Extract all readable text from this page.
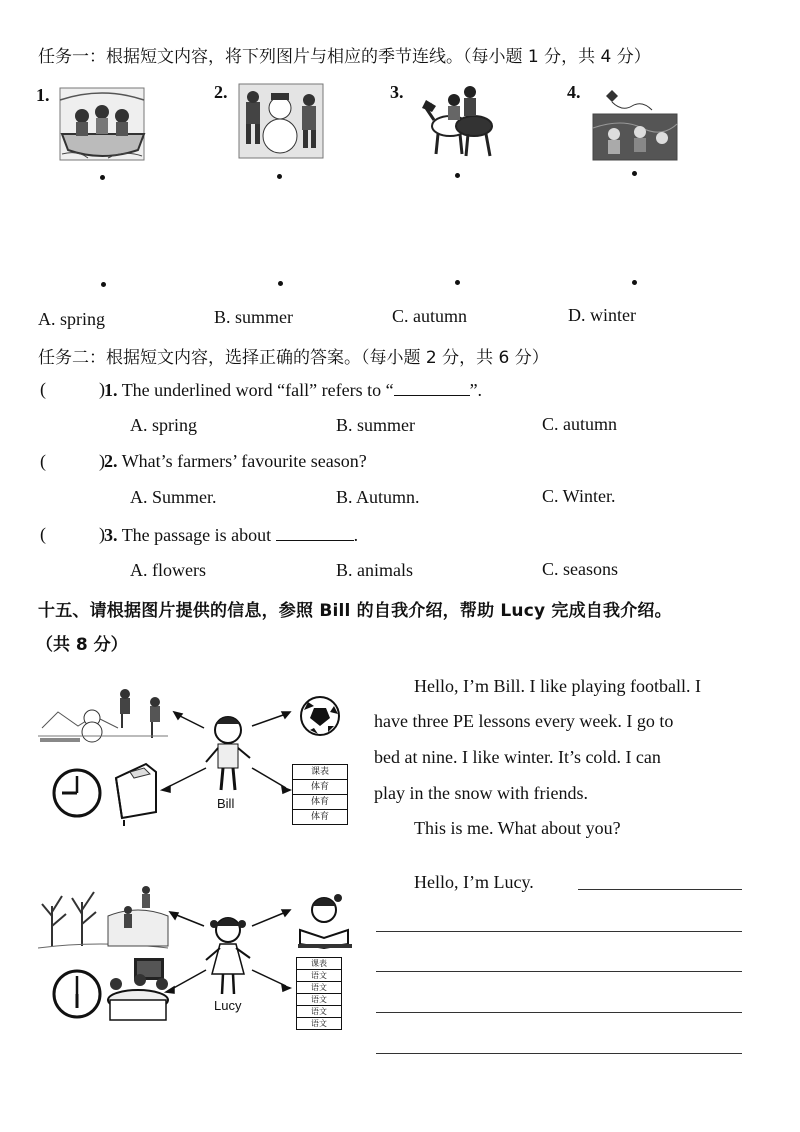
任务一：根据短文内容，将下列图片与相应的季节连线。（每小题 1 分，共 4 分）
1.	2.	3.	4.
A. spring	B. summer	C. autumn	D. winter
任务二：根据短文内容，选择正确的答案。（每小题 2 分，共 6 分）
(	) 1. The underlined word “fall” refers to “	”.
A. spring	B. summer	C. autumn
(	) 2. What’s farmers’ favourite season?
A. Summer.	B. Autumn.	C. Winter.
(	) 3. The passage is about	.
A. flowers	B. animals	C. seasons
十五、请根据图片提供的信息，参照 Bill 的自我介绍，帮助 Lucy 完成自我介绍。
（共 8 分）
Bill
课表
体育
体育
体育
Hello, I’m Bill. I like playing football. I
have three PE lessons every week. I go to
bed at nine. I like winter. It’s cold. I can
play in the snow with friends.
This is me. What about you?
Lucy
课表
语文
语文
语文
语文
语文
Hello, I’m Lucy.
